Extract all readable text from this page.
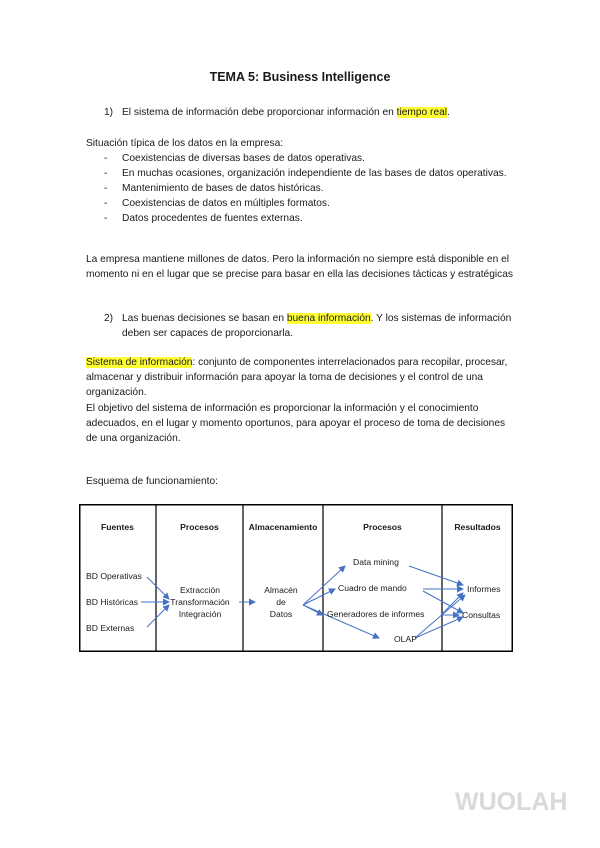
TEMA 5: Business Intelligence
1) El sistema de información debe proporcionar información en tiempo real.
Situación típica de los datos en la empresa:
- Coexistencias de diversas bases de datos operativas.
- En muchas ocasiones, organización independiente de las bases de datos operativas.
- Mantenimiento de bases de datos históricas.
- Coexistencias de datos en múltiples formatos.
- Datos procedentes de fuentes externas.
La empresa mantiene millones de datos. Pero la información no siempre está disponible en el momento ni en el lugar que se precise para basar en ella las decisiones tácticas y estratégicas
2) Las buenas decisiones se basan en buena información. Y los sistemas de información deben ser capaces de proporcionarla.
Sistema de información: conjunto de componentes interrelacionados para recopilar, procesar, almacenar y distribuir información para apoyar la toma de decisiones y el control de una organización.
El objetivo del sistema de información es proporcionar la información y el conocimiento adecuados, en el lugar y momento oportunos, para apoyar el proceso de toma de decisiones de una organización.
Esquema de funcionamiento:
Fuentes	Procesos	Almacenamiento	Procesos	Resultados
BD Operativas
BD Históricas
BD Externas
Extracción
Transformación
Integración
Almacén
de
Datos
Data mining
Cuadro de mando
Generadores de informes
OLAP
Informes
Consultas
WUOLAH
